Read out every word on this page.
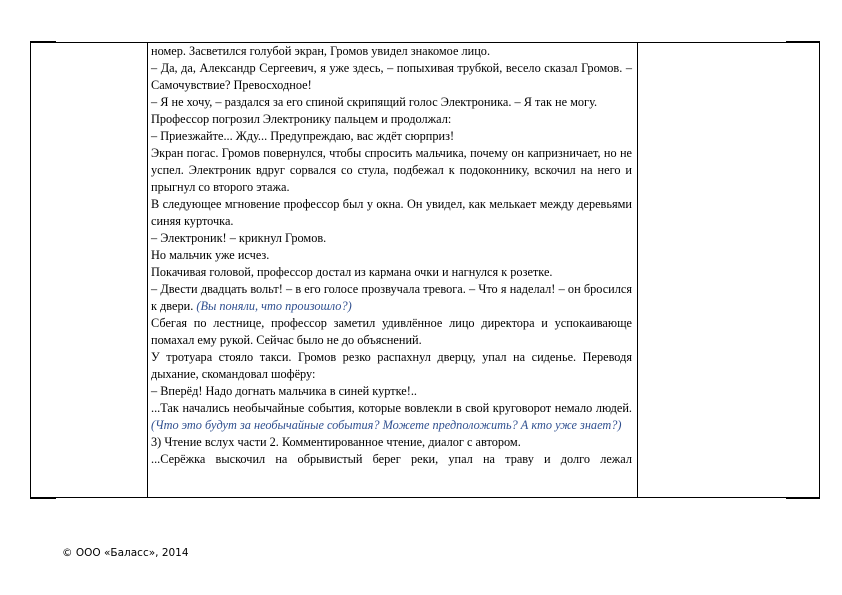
номер. Засветился голубой экран, Громов увидел знакомое лицо.

– Да, да, Александр Сергеевич, я уже здесь, – попыхивая трубкой, весело сказал Громов. – Самочувствие? Превосходное!

– Я не хочу, – раздался за его спиной скрипящий голос Электроника. – Я так не могу.

Профессор погрозил Электронику пальцем и продолжал:

– Приезжайте... Жду... Предупреждаю, вас ждёт сюрприз!

Экран погас. Громов повернулся, чтобы спросить мальчика, почему он капризничает, но не успел. Электроник вдруг сорвался со стула, подбежал к подоконнику, вскочил на него и прыгнул со второго этажа.

В следующее мгновение профессор был у окна. Он увидел, как мелькает между деревьями синяя курточка.

– Электроник! – крикнул Громов.

Но мальчик уже исчез.

Покачивая головой, профессор достал из кармана очки и нагнулся к розетке.

– Двести двадцать вольт! – в его голосе прозвучала тревога. – Что я наделал! – он бросился к двери. (Вы поняли, что произошло?)

Сбегая по лестнице, профессор заметил удивлённое лицо директора и успокаивающе помахал ему рукой. Сейчас было не до объяснений.

У тротуара стояло такси. Громов резко распахнул дверцу, упал на сиденье. Переводя дыхание, скомандовал шофёру:

– Вперёд! Надо догнать мальчика в синей куртке!..

...Так начались необычайные события, которые вовлекли в свой круговорот немало людей. (Что это будут за необычайные события? Можете предположить? А кто уже знает?)

3) Чтение вслух части 2. Комментированное чтение, диалог с автором.

...Серёжка выскочил на обрывистый берег реки, упал на траву и долго лежал

© ООО «Баласс», 2014
